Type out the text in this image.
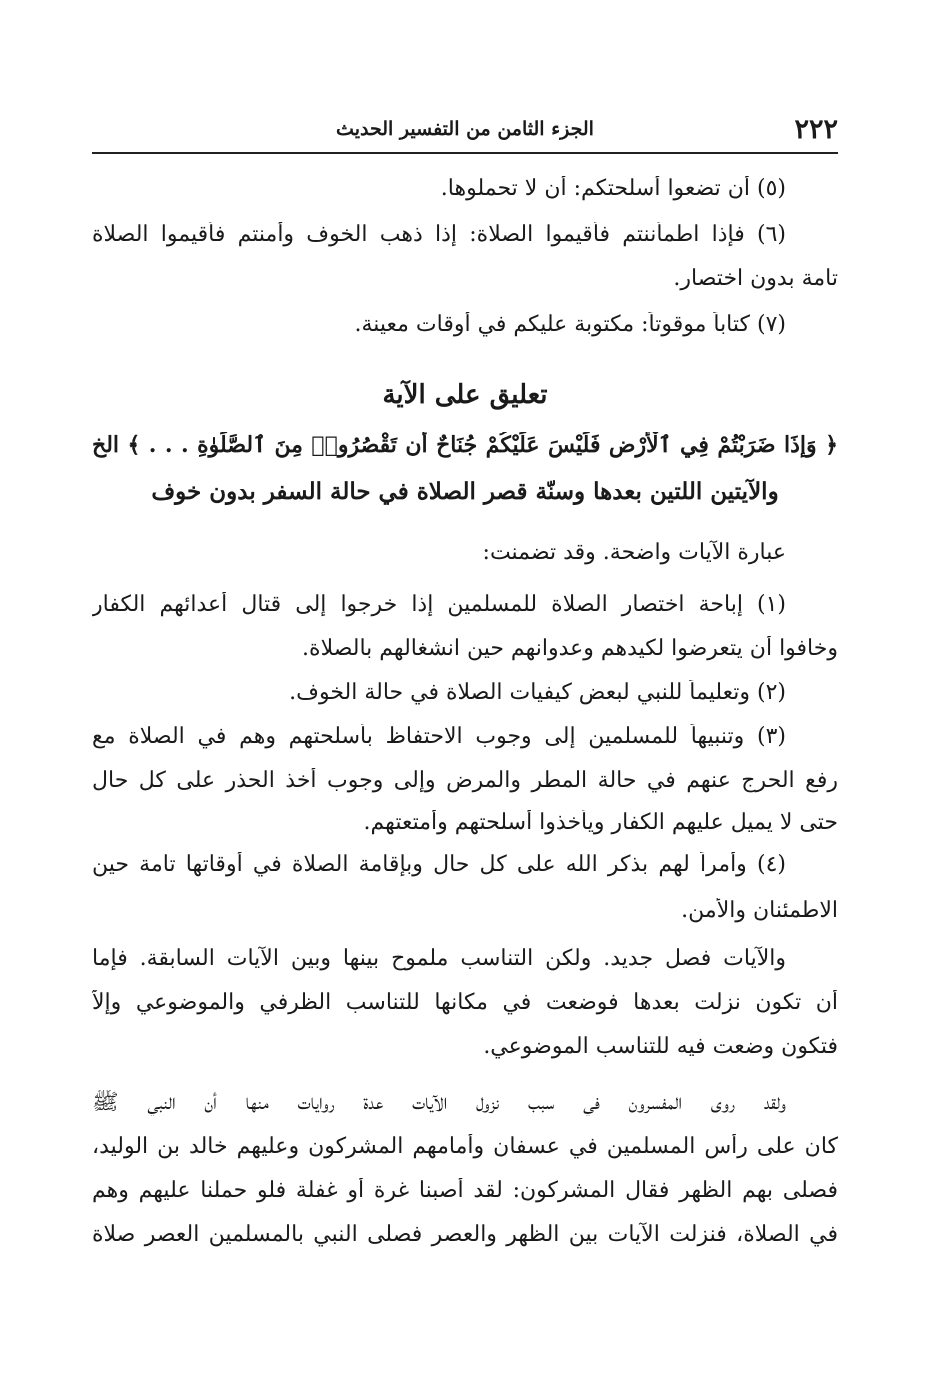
٢٢٢
الجزء الثامن من التفسير الحديث
(٥) أن تضعوا أسلحتكم: أن لا تحملوها.
(٦) فإذا اطمأننتم فأقيموا الصلاة: إذا ذهب الخوف وأمنتم فأقيموا الصلاة
تامة بدون اختصار.
(٧) كتاباً موقوتاً: مكتوبة عليكم في أوقات معينة.
تعليق على الآية
﴿ وَإِذَا ضَرَبْتُمْ فِي ٱلْأَرْضِ فَلَيْسَ عَلَيْكُمْ جُنَاحٌ أَن تَقْصُرُوا۟ مِنَ ٱلصَّلَوٰةِ . . . ﴾ الخ
والآيتين اللتين بعدها وسنّة قصر الصلاة في حالة السفر بدون خوف
عبارة الآيات واضحة. وقد تضمنت:
(١) إباحة اختصار الصلاة للمسلمين إذا خرجوا إلى قتال أعدائهم الكفار
وخافوا أن يتعرضوا لكيدهم وعدوانهم حين انشغالهم بالصلاة.
(٢) وتعليماً للنبي لبعض كيفيات الصلاة في حالة الخوف.
(٣) وتنبيهاً للمسلمين إلى وجوب الاحتفاظ بأسلحتهم وهم في الصلاة مع
رفع الحرج عنهم في حالة المطر والمرض وإلى وجوب أخذ الحذر على كل حال
حتى لا يميل عليهم الكفار ويأخذوا أسلحتهم وأمتعتهم.
(٤) وأمراً لهم بذكر الله على كل حال وبإقامة الصلاة في أوقاتها تامة حين
الاطمئنان والأمن.
والآيات فصل جديد. ولكن التناسب ملموح بينها وبين الآيات السابقة. فإما
أن تكون نزلت بعدها فوضعت في مكانها للتناسب الظرفي والموضوعي وإلاّ
فتكون وضعت فيه للتناسب الموضوعي.
ولقد روى المفسرون في سبب نزول الآيات عدة روايات منها أن النبي ﷺ
كان على رأس المسلمين في عسفان وأمامهم المشركون وعليهم خالد بن الوليد،
فصلى بهم الظهر فقال المشركون: لقد أصبنا غرة أو غفلة فلو حملنا عليهم وهم
في الصلاة، فنزلت الآيات بين الظهر والعصر فصلى النبي بالمسلمين العصر صلاة
